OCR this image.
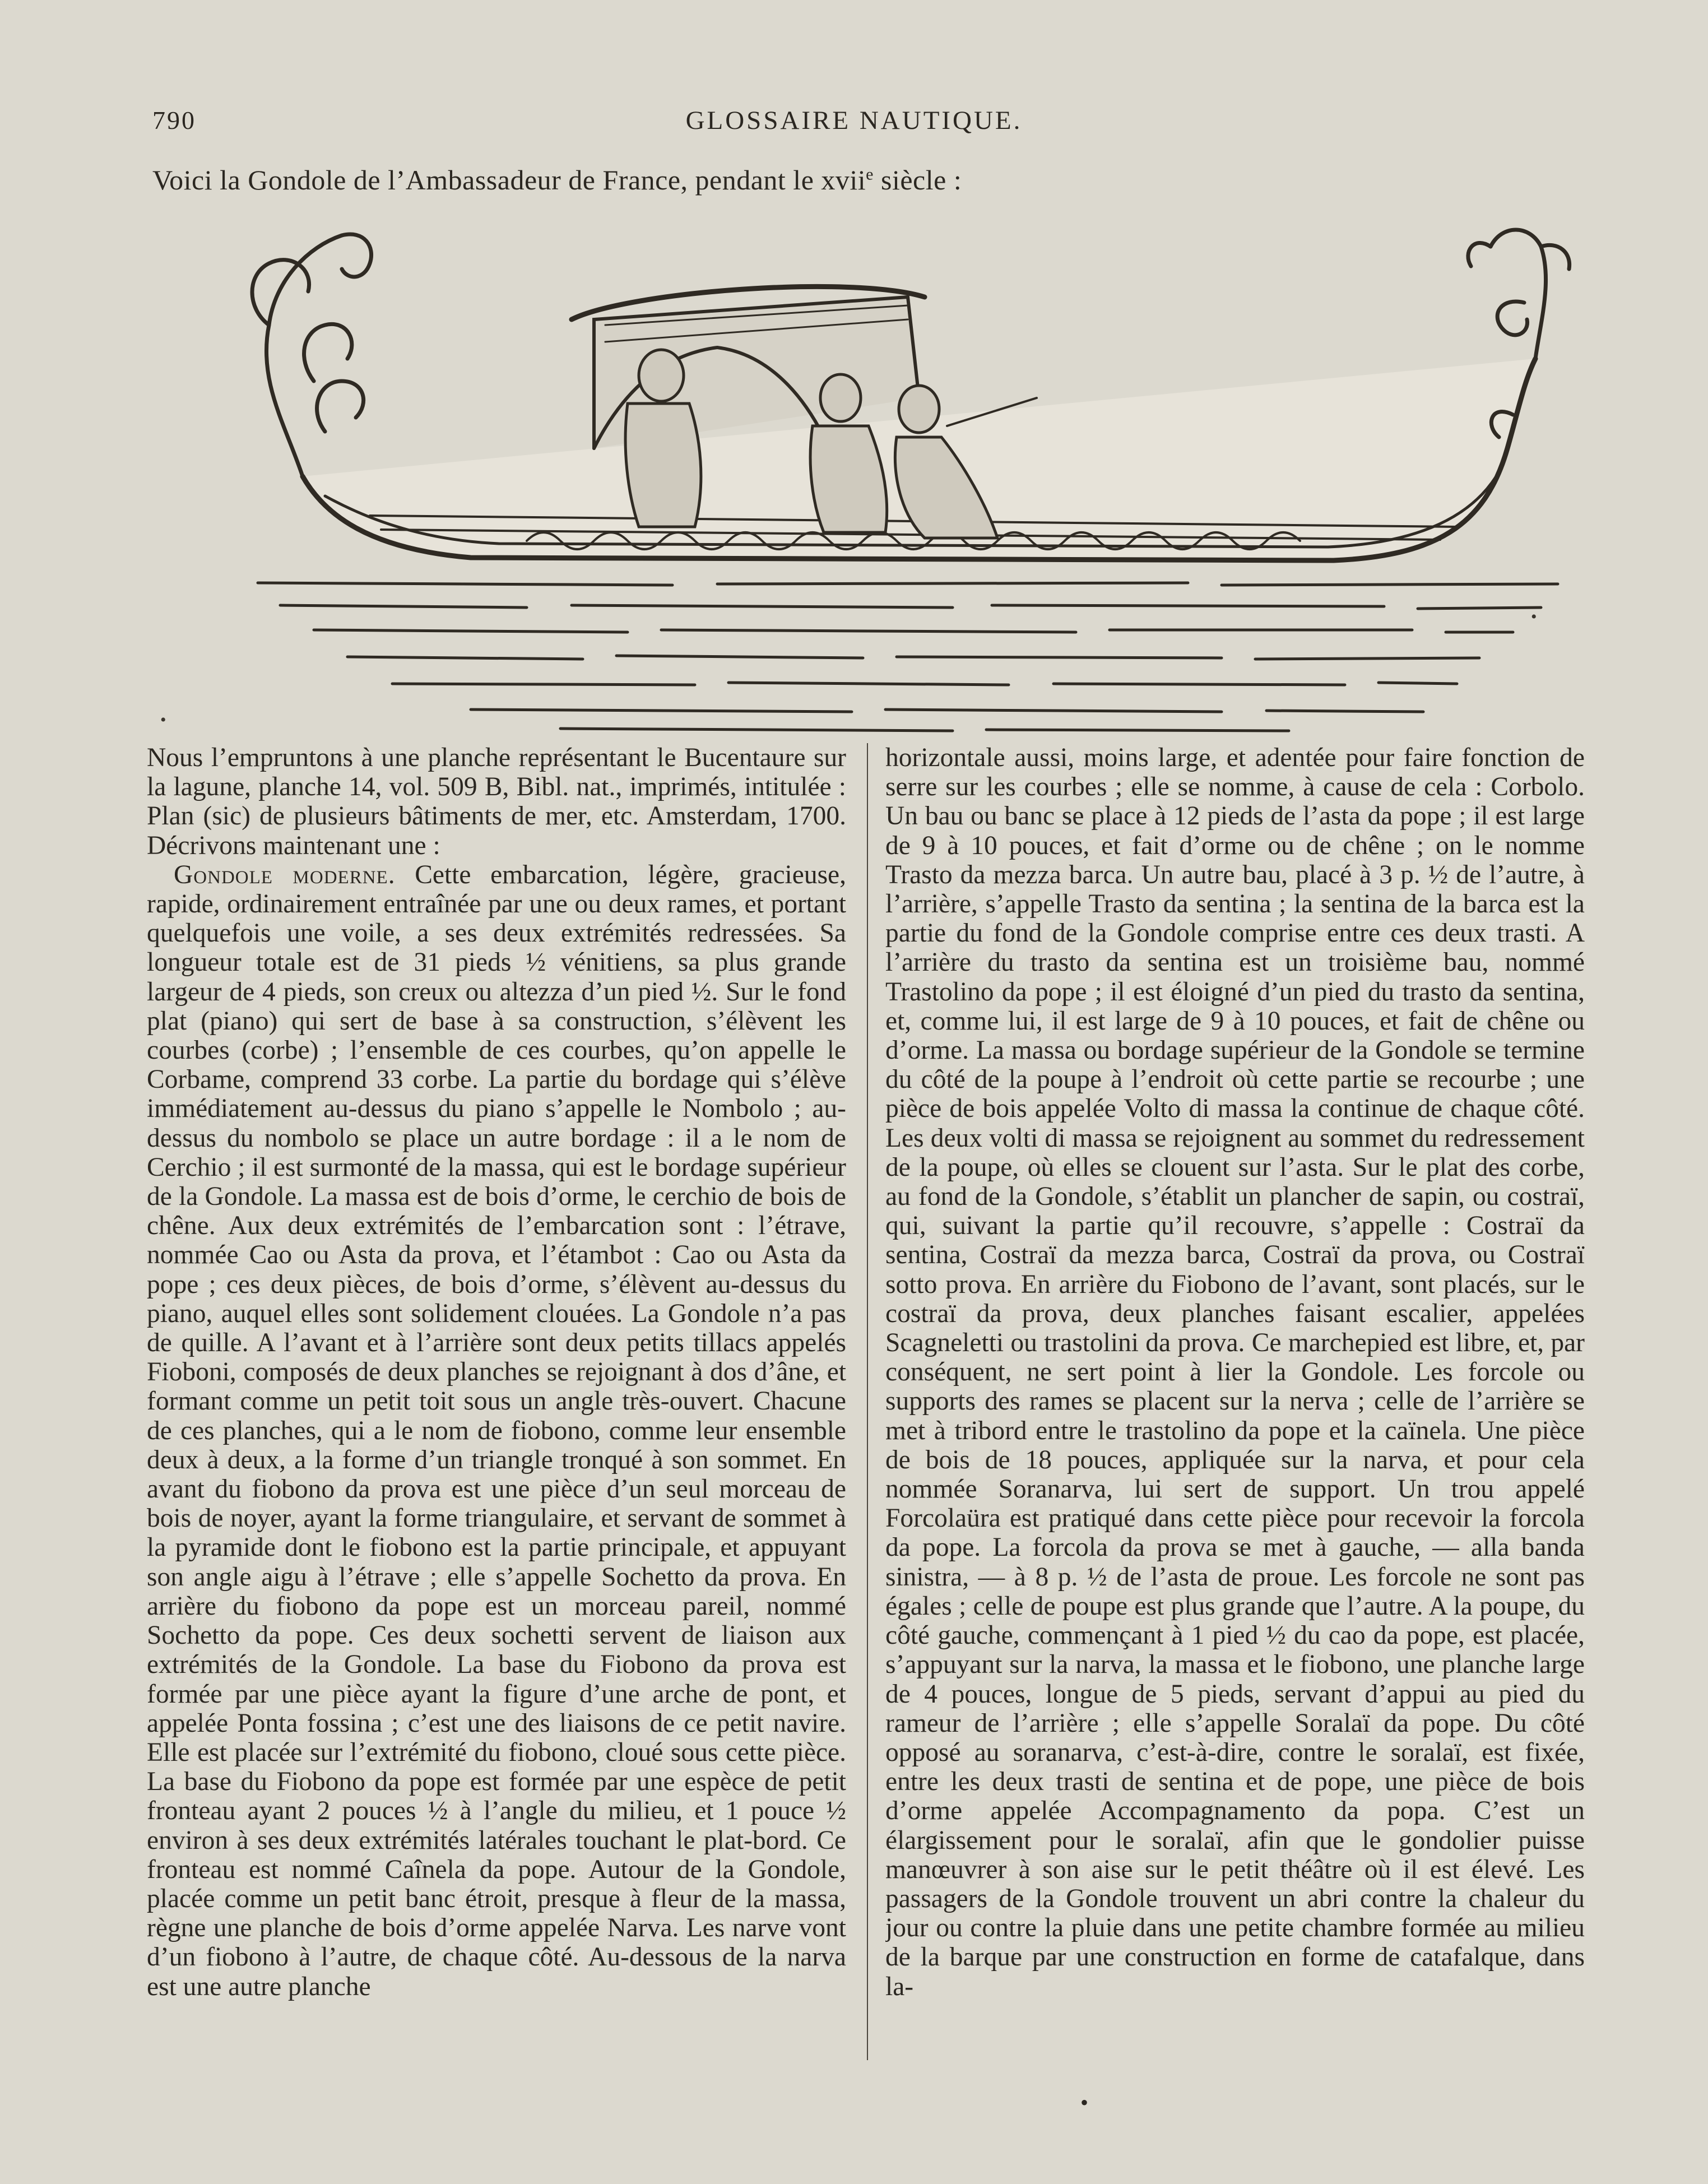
790	GLOSSAIRE NAUTIQUE.
Voici la Gondole de l’Ambassadeur de France, pendant le xvii$^e$ siècle :
•
•

Nous l’empruntons à une planche représentant le Bucentaure sur la lagune, planche 14, vol. 509 B, Bibl. nat., imprimés, intitulée : Plan (sic) de plusieurs bâtiments de mer, etc. Amsterdam, 1700. Décrivons maintenant une :

Gondole moderne. Cette embarcation, légère, gracieuse, rapide, ordinairement entraînée par une ou deux rames, et portant quelquefois une voile, a ses deux extrémités redressées. Sa longueur totale est de 31 pieds ½ vénitiens, sa plus grande largeur de 4 pieds, son creux ou altezza d’un pied ½. Sur le fond plat (piano) qui sert de base à sa construction, s’élèvent les courbes (corbe) ; l’ensemble de ces courbes, qu’on appelle le Corbame, comprend 33 corbe. La partie du bordage qui s’élève immédiatement au-dessus du piano s’appelle le Nombolo ; au-dessus du nombolo se place un autre bordage : il a le nom de Cerchio ; il est surmonté de la massa, qui est le bordage supérieur de la Gondole. La massa est de bois d’orme, le cerchio de bois de chêne. Aux deux extrémités de l’embarcation sont : l’étrave, nommée Cao ou Asta da prova, et l’étambot : Cao ou Asta da pope ; ces deux pièces, de bois d’orme, s’élèvent au-dessus du piano, auquel elles sont solidement clouées. La Gondole n’a pas de quille. A l’avant et à l’arrière sont deux petits tillacs appelés Fioboni, composés de deux planches se rejoignant à dos d’âne, et formant comme un petit toit sous un angle très-ouvert. Chacune de ces planches, qui a le nom de fiobono, comme leur ensemble deux à deux, a la forme d’un triangle tronqué à son sommet. En avant du fiobono da prova est une pièce d’un seul morceau de bois de noyer, ayant la forme triangulaire, et servant de sommet à la pyramide dont le fiobono est la partie principale, et appuyant son angle aigu à l’étrave ; elle s’appelle Sochetto da prova. En arrière du fiobono da pope est un morceau pareil, nommé Sochetto da pope. Ces deux sochetti servent de liaison aux extrémités de la Gondole. La base du Fiobono da prova est formée par une pièce ayant la figure d’une arche de pont, et appelée Ponta fossina ; c’est une des liaisons de ce petit navire. Elle est placée sur l’extrémité du fiobono, cloué sous cette pièce. La base du Fiobono da pope est formée par une espèce de petit fronteau ayant 2 pouces ½ à l’angle du milieu, et 1 pouce ½ environ à ses deux extrémités latérales touchant le plat-bord. Ce fronteau est nommé Caînela da pope. Autour de la Gondole, placée comme un petit banc étroit, presque à fleur de la massa, règne une planche de bois d’orme appelée Narva. Les narve vont d’un fiobono à l’autre, de chaque côté. Au-dessous de la narva est une autre planche

horizontale aussi, moins large, et adentée pour faire fonction de serre sur les courbes ; elle se nomme, à cause de cela : Corbolo. Un bau ou banc se place à 12 pieds de l’asta da pope ; il est large de 9 à 10 pouces, et fait d’orme ou de chêne ; on le nomme Trasto da mezza barca. Un autre bau, placé à 3 p. ½ de l’autre, à l’arrière, s’appelle Trasto da sentina ; la sentina de la barca est la partie du fond de la Gondole comprise entre ces deux trasti. A l’arrière du trasto da sentina est un troisième bau, nommé Trastolino da pope ; il est éloigné d’un pied du trasto da sentina, et, comme lui, il est large de 9 à 10 pouces, et fait de chêne ou d’orme. La massa ou bordage supérieur de la Gondole se termine du côté de la poupe à l’endroit où cette partie se recourbe ; une pièce de bois appelée Volto di massa la continue de chaque côté. Les deux volti di massa se rejoignent au sommet du redressement de la poupe, où elles se clouent sur l’asta. Sur le plat des corbe, au fond de la Gondole, s’établit un plancher de sapin, ou costraï, qui, suivant la partie qu’il recouvre, s’appelle : Costraï da sentina, Costraï da mezza barca, Costraï da prova, ou Costraï sotto prova. En arrière du Fiobono de l’avant, sont placés, sur le costraï da prova, deux planches faisant escalier, appelées Scagneletti ou trastolini da prova. Ce marchepied est libre, et, par conséquent, ne sert point à lier la Gondole. Les forcole ou supports des rames se placent sur la nerva ; celle de l’arrière se met à tribord entre le trastolino da pope et la caïnela. Une pièce de bois de 18 pouces, appliquée sur la narva, et pour cela nommée Soranarva, lui sert de support. Un trou appelé Forcolaüra est pratiqué dans cette pièce pour recevoir la forcola da pope. La forcola da prova se met à gauche, — alla banda sinistra, — à 8 p. ½ de l’asta de proue. Les forcole ne sont pas égales ; celle de poupe est plus grande que l’autre. A la poupe, du côté gauche, commençant à 1 pied ½ du cao da pope, est placée, s’appuyant sur la narva, la massa et le fiobono, une planche large de 4 pouces, longue de 5 pieds, servant d’appui au pied du rameur de l’arrière ; elle s’appelle Soralaï da pope. Du côté opposé au soranarva, c’est-à-dire, contre le soralaï, est fixée, entre les deux trasti de sentina et de pope, une pièce de bois d’orme appelée Accompagnamento da popa. C’est un élargissement pour le soralaï, afin que le gondolier puisse manœuvrer à son aise sur le petit théâtre où il est élevé. Les passagers de la Gondole trouvent un abri contre la chaleur du jour ou contre la pluie dans une petite chambre formée au milieu de la barque par une construction en forme de catafalque, dans la-

•
